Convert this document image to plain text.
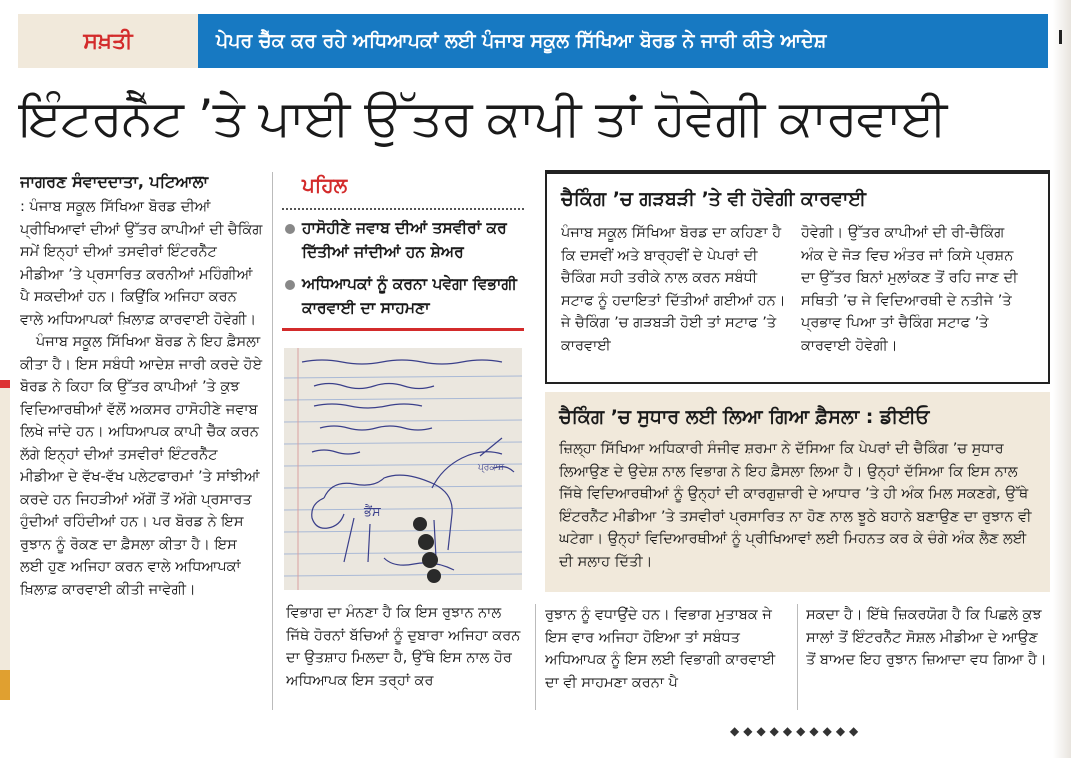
ਸਖ਼ਤੀ	ਪੇਪਰ ਚੈੱਕ ਕਰ ਰਹੇ ਅਧਿਆਪਕਾਂ ਲਈ ਪੰਜਾਬ ਸਕੂਲ ਸਿੱਖਿਆ ਬੋਰਡ ਨੇ ਜਾਰੀ ਕੀਤੇ ਆਦੇਸ਼
ਇੰਟਰਨੈੱਟ ’ਤੇ ਪਾਈ ਉੱਤਰ ਕਾਪੀ ਤਾਂ ਹੋਵੇਗੀ ਕਾਰਵਾਈ
ਜਾਗਰਣ ਸੰਵਾਦਦਾਤਾ, ਪਟਿਆਲਾ

: ਪੰਜਾਬ ਸਕੂਲ ਸਿੱਖਿਆ ਬੋਰਡ ਦੀਆਂ ਪ੍ਰੀਖਿਆਵਾਂ ਦੀਆਂ ਉੱਤਰ ਕਾਪੀਆਂ ਦੀ ਚੈਕਿੰਗ ਸਮੇਂ ਇਨ੍ਹਾਂ ਦੀਆਂ ਤਸਵੀਰਾਂ ਇੰਟਰਨੈੱਟ ਮੀਡੀਆ ’ਤੇ ਪ੍ਰਸਾਰਿਤ ਕਰਨੀਆਂ ਮਹਿੰਗੀਆਂ ਪੈ ਸਕਦੀਆਂ ਹਨ। ਕਿਉਂਕਿ ਅਜਿਹਾ ਕਰਨ ਵਾਲੇ ਅਧਿਆਪਕਾਂ ਖ਼ਿਲਾਫ਼ ਕਾਰਵਾਈ ਹੋਵੇਗੀ।

ਪੰਜਾਬ ਸਕੂਲ ਸਿੱਖਿਆ ਬੋਰਡ ਨੇ ਇਹ ਫ਼ੈਸਲਾ ਕੀਤਾ ਹੈ। ਇਸ ਸਬੰਧੀ ਆਦੇਸ਼ ਜਾਰੀ ਕਰਦੇ ਹੋਏ ਬੋਰਡ ਨੇ ਕਿਹਾ ਕਿ ਉੱਤਰ ਕਾਪੀਆਂ ’ਤੇ ਕੁਝ ਵਿਦਿਆਰਥੀਆਂ ਵੱਲੋਂ ਅਕਸਰ ਹਾਸੋਹੀਣੇ ਜਵਾਬ ਲਿਖੇ ਜਾਂਦੇ ਹਨ। ਅਧਿਆਪਕ ਕਾਪੀ ਚੈੱਕ ਕਰਨ ਲੱਗੇ ਇਨ੍ਹਾਂ ਦੀਆਂ ਤਸਵੀਰਾਂ ਇੰਟਰਨੈੱਟ ਮੀਡੀਆ ਦੇ ਵੱਖ-ਵੱਖ ਪਲੇਟਫਾਰਮਾਂ ’ਤੇ ਸਾਂਝੀਆਂ ਕਰਦੇ ਹਨ ਜਿਹੜੀਆਂ ਅੱਗੋਂ ਤੋਂ ਅੱਗੇ ਪ੍ਰਸਾਰਤ ਹੁੰਦੀਆਂ ਰਹਿੰਦੀਆਂ ਹਨ। ਪਰ ਬੋਰਡ ਨੇ ਇਸ ਰੁਝਾਨ ਨੂੰ ਰੋਕਣ ਦਾ ਫ਼ੈਸਲਾ ਕੀਤਾ ਹੈ। ਇਸ ਲਈ ਹੁਣ ਅਜਿਹਾ ਕਰਨ ਵਾਲੇ ਅਧਿਆਪਕਾਂ ਖ਼ਿਲਾਫ਼ ਕਾਰਵਾਈ ਕੀਤੀ ਜਾਵੇਗੀ।

ਪਹਿਲ
ਹਾਸੋਹੀਣੇ ਜਵਾਬ ਦੀਆਂ ਤਸਵੀਰਾਂ ਕਰ ਦਿੱਤੀਆਂ ਜਾਂਦੀਆਂ ਹਨ ਸ਼ੇਅਰ
ਅਧਿਆਪਕਾਂ ਨੂੰ ਕਰਨਾ ਪਵੇਗਾ ਵਿਭਾਗੀ ਕਾਰਵਾਈ ਦਾ ਸਾਹਮਣਾ
ਭੈਂਸ
ਪ੍ਰਕਾਸ਼
ਵਿਭਾਗ ਦਾ ਮੰਨਣਾ ਹੈ ਕਿ ਇਸ ਰੁਝਾਨ ਨਾਲ ਜਿੱਥੇ ਹੋਰਨਾਂ ਬੱਚਿਆਂ ਨੂੰ ਦੁਬਾਰਾ ਅਜਿਹਾ ਕਰਨ ਦਾ ਉਤਸ਼ਾਹ ਮਿਲਦਾ ਹੈ, ਉੱਥੇ ਇਸ ਨਾਲ ਹੋਰ ਅਧਿਆਪਕ ਇਸ ਤਰ੍ਹਾਂ ਕਰ
ਚੈਕਿੰਗ ’ਚ ਗੜਬੜੀ ’ਤੇ ਵੀ ਹੋਵੇਗੀ ਕਾਰਵਾਈ
ਪੰਜਾਬ ਸਕੂਲ ਸਿੱਖਿਆ ਬੋਰਡ ਦਾ ਕਹਿਣਾ ਹੈ ਕਿ ਦਸਵੀਂ ਅਤੇ ਬਾਰ੍ਹਵੀਂ ਦੇ ਪੇਪਰਾਂ ਦੀ ਚੈਕਿੰਗ ਸਹੀ ਤਰੀਕੇ ਨਾਲ ਕਰਨ ਸਬੰਧੀ ਸਟਾਫ ਨੂੰ ਹਦਾਇਤਾਂ ਦਿੱਤੀਆਂ ਗਈਆਂ ਹਨ। ਜੇ ਚੈਕਿੰਗ ’ਚ ਗੜਬੜੀ ਹੋਈ ਤਾਂ ਸਟਾਫ ’ਤੇ ਕਾਰਵਾਈ
ਹੋਵੇਗੀ। ਉੱਤਰ ਕਾਪੀਆਂ ਦੀ ਰੀ-ਚੈਕਿੰਗ ਅੰਕ ਦੇ ਜੋੜ ਵਿਚ ਅੰਤਰ ਜਾਂ ਕਿਸੇ ਪ੍ਰਸ਼ਨ ਦਾ ਉੱਤਰ ਬਿਨਾਂ ਮੁਲਾਂਕਣ ਤੋਂ ਰਹਿ ਜਾਣ ਦੀ ਸਥਿਤੀ ’ਚ ਜੇ ਵਿਦਿਆਰਥੀ ਦੇ ਨਤੀਜੇ ’ਤੇ ਪ੍ਰਭਾਵ ਪਿਆ ਤਾਂ ਚੈਕਿੰਗ ਸਟਾਫ ’ਤੇ ਕਾਰਵਾਈ ਹੋਵੇਗੀ।
ਚੈਕਿੰਗ ’ਚ ਸੁਧਾਰ ਲਈ ਲਿਆ ਗਿਆ ਫ਼ੈਸਲਾ : ਡੀਈਓ
ਜ਼ਿਲ੍ਹਾ ਸਿੱਖਿਆ ਅਧਿਕਾਰੀ ਸੰਜੀਵ ਸ਼ਰਮਾ ਨੇ ਦੱਸਿਆ ਕਿ ਪੇਪਰਾਂ ਦੀ ਚੈਕਿੰਗ ’ਚ ਸੁਧਾਰ ਲਿਆਉਣ ਦੇ ਉਦੇਸ਼ ਨਾਲ ਵਿਭਾਗ ਨੇ ਇਹ ਫ਼ੈਸਲਾ ਲਿਆ ਹੈ। ਉਨ੍ਹਾਂ ਦੱਸਿਆ ਕਿ ਇਸ ਨਾਲ ਜਿੱਥੇ ਵਿਦਿਆਰਥੀਆਂ ਨੂੰ ਉਨ੍ਹਾਂ ਦੀ ਕਾਰਗੁਜ਼ਾਰੀ ਦੇ ਆਧਾਰ ’ਤੇ ਹੀ ਅੰਕ ਮਿਲ ਸਕਣਗੇ, ਉੱਥੇ ਇੰਟਰਨੈੱਟ ਮੀਡੀਆ ’ਤੇ ਤਸਵੀਰਾਂ ਪ੍ਰਸਾਰਿਤ ਨਾ ਹੋਣ ਨਾਲ ਝੂਠੇ ਬਹਾਨੇ ਬਣਾਉਣ ਦਾ ਰੁਝਾਨ ਵੀ ਘਟੇਗਾ। ਉਨ੍ਹਾਂ ਵਿਦਿਆਰਥੀਆਂ ਨੂੰ ਪ੍ਰੀਖਿਆਵਾਂ ਲਈ ਮਿਹਨਤ ਕਰ ਕੇ ਚੰਗੇ ਅੰਕ ਲੈਣ ਲਈ ਦੀ ਸਲਾਹ ਦਿੱਤੀ।
ਰੁਝਾਨ ਨੂੰ ਵਧਾਉਂਦੇ ਹਨ। ਵਿਭਾਗ ਮੁਤਾਬਕ ਜੇ ਇਸ ਵਾਰ ਅਜਿਹਾ ਹੋਇਆ ਤਾਂ ਸਬੰਧਤ ਅਧਿਆਪਕ ਨੂੰ ਇਸ ਲਈ ਵਿਭਾਗੀ ਕਾਰਵਾਈ ਦਾ ਵੀ ਸਾਹਮਣਾ ਕਰਨਾ ਪੈ
ਸਕਦਾ ਹੈ। ਇੱਥੇ ਜ਼ਿਕਰਯੋਗ ਹੈ ਕਿ ਪਿਛਲੇ ਕੁਝ ਸਾਲਾਂ ਤੋਂ ਇੰਟਰਨੈੱਟ ਸੋਸ਼ਲ ਮੀਡੀਆ ਦੇ ਆਉਣ ਤੋਂ ਬਾਅਦ ਇਹ ਰੁਝਾਨ ਜ਼ਿਆਦਾ ਵਧ ਗਿਆ ਹੈ।
◆◆◆◆◆◆◆◆◆◆
